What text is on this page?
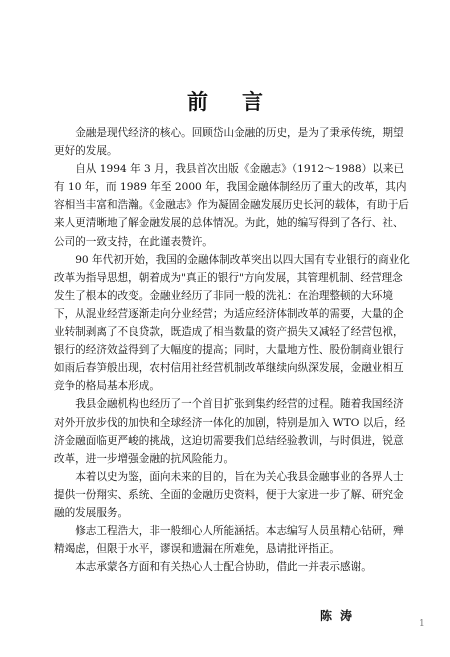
前言

金融是现代经济的核心。回顾岱山金融的历史，是为了秉承传统，期望更好的发展。

自从 1994 年 3 月，我县首次出版《金融志》（1912～1988）以来已有 10 年，而 1989 年至 2000 年，我国金融体制经历了重大的改革，其内容相当丰富和浩瀚。《金融志》作为凝固金融发展历史长河的载体，有助于后来人更清晰地了解金融发展的总体情况。为此，她的编写得到了各行、社、公司的一致支持，在此谨表赞许。

90 年代初开始，我国的金融体制改革突出以四大国有专业银行的商业化改革为指导思想，朝着成为"真正的银行"方向发展，其管理机制、经营理念发生了根本的改变。金融业经历了非同一般的洗礼：在治理整顿的大环境下，从混业经营逐渐走向分业经营；为适应经济体制改革的需要，大量的企业转制剥离了不良贷款，既造成了相当数量的资产损失又减轻了经营包袱，银行的经济效益得到了大幅度的提高；同时，大量地方性、股份制商业银行如雨后春笋般出现，农村信用社经营机制改革继续向纵深发展，金融业相互竞争的格局基本形成。

我县金融机构也经历了一个首目扩张到集约经营的过程。随着我国经济对外开放步伐的加快和全球经济一体化的加剧，特别是加入 WTO 以后，经济金融面临更严峻的挑战，这迫切需要我们总结经验教训，与时俱进，锐意改革，进一步增强金融的抗风险能力。

本着以史为鉴，面向未来的目的，旨在为关心我县金融事业的各界人士提供一份翔实、系统、全面的金融历史资料，便于大家进一步了解、研究金融的发展服务。

修志工程浩大，非一般细心人所能涵括。本志编写人员虽精心钻研，殚精竭虑，但限于水平，谬误和遗漏在所难免，恳请批评指正。

本志承蒙各方面和有关热心人士配合协助，借此一并表示感谢。

陈涛
1
